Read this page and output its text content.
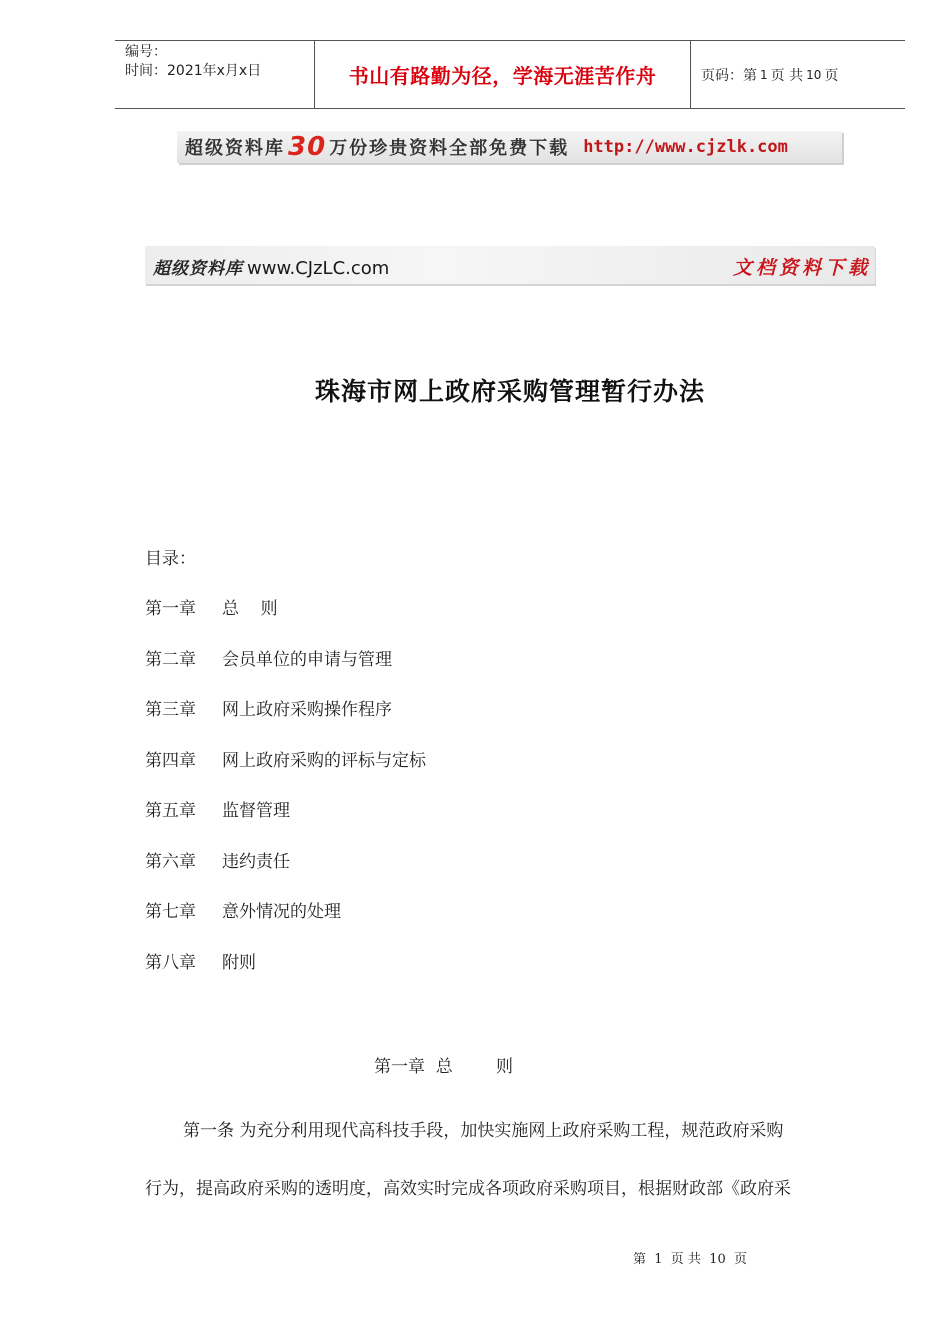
编号：
时间：2021年x月x日	书山有路勤为径，学海无涯苦作舟	页码：第 1 页 共 10 页
超级资料库 30 万份珍贵资料全部免费下载 http://www.cjzlk.com
超级资料库 www.CJzLC.com	文档资料下载
珠海市网上政府采购管理暂行办法
目录：
第一章 总    则
第二章 会员单位的申请与管理
第三章 网上政府采购操作程序
第四章 网上政府采购的评标与定标
第五章 监督管理
第六章 违约责任
第七章 意外情况的处理
第八章 附则
第一章  总        则
第一条 为充分利用现代高科技手段，加快实施网上政府采购工程，规范政府采购
行为，提高政府采购的透明度，高效实时完成各项政府采购项目，根据财政部《政府采
第  1  页 共  10  页
